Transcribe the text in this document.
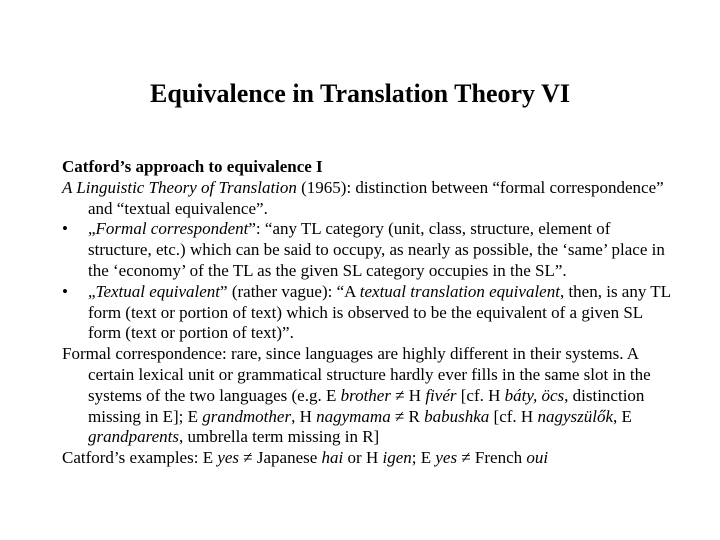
Equivalence in Translation Theory VI
Catford’s approach to equivalence I
A Linguistic Theory of Translation (1965): distinction between “formal correspondence” and “textual equivalence”.
•	„Formal correspondent”: “any TL category (unit, class, structure, element of structure, etc.) which can be said to occupy, as nearly as possible, the ‘same’ place in the ‘economy’ of the TL as the given SL category occupies in the SL”.
•	„Textual equivalent” (rather vague): “A textual translation equivalent, then, is any TL form (text or portion of text) which is observed to be the equivalent of a given SL form (text or portion of text)”.
Formal correspondence: rare, since languages are highly different in their systems. A certain lexical unit or grammatical structure hardly ever fills in the same slot in the systems of the two languages (e.g. E brother ≠ H fivér [cf. H báty, öcs, distinction missing in E]; E grandmother, H nagymama ≠ R babushka [cf. H nagyszülők, E grandparents, umbrella term missing in R]
Catford’s examples: E yes ≠ Japanese hai or H igen; E yes ≠ French oui
